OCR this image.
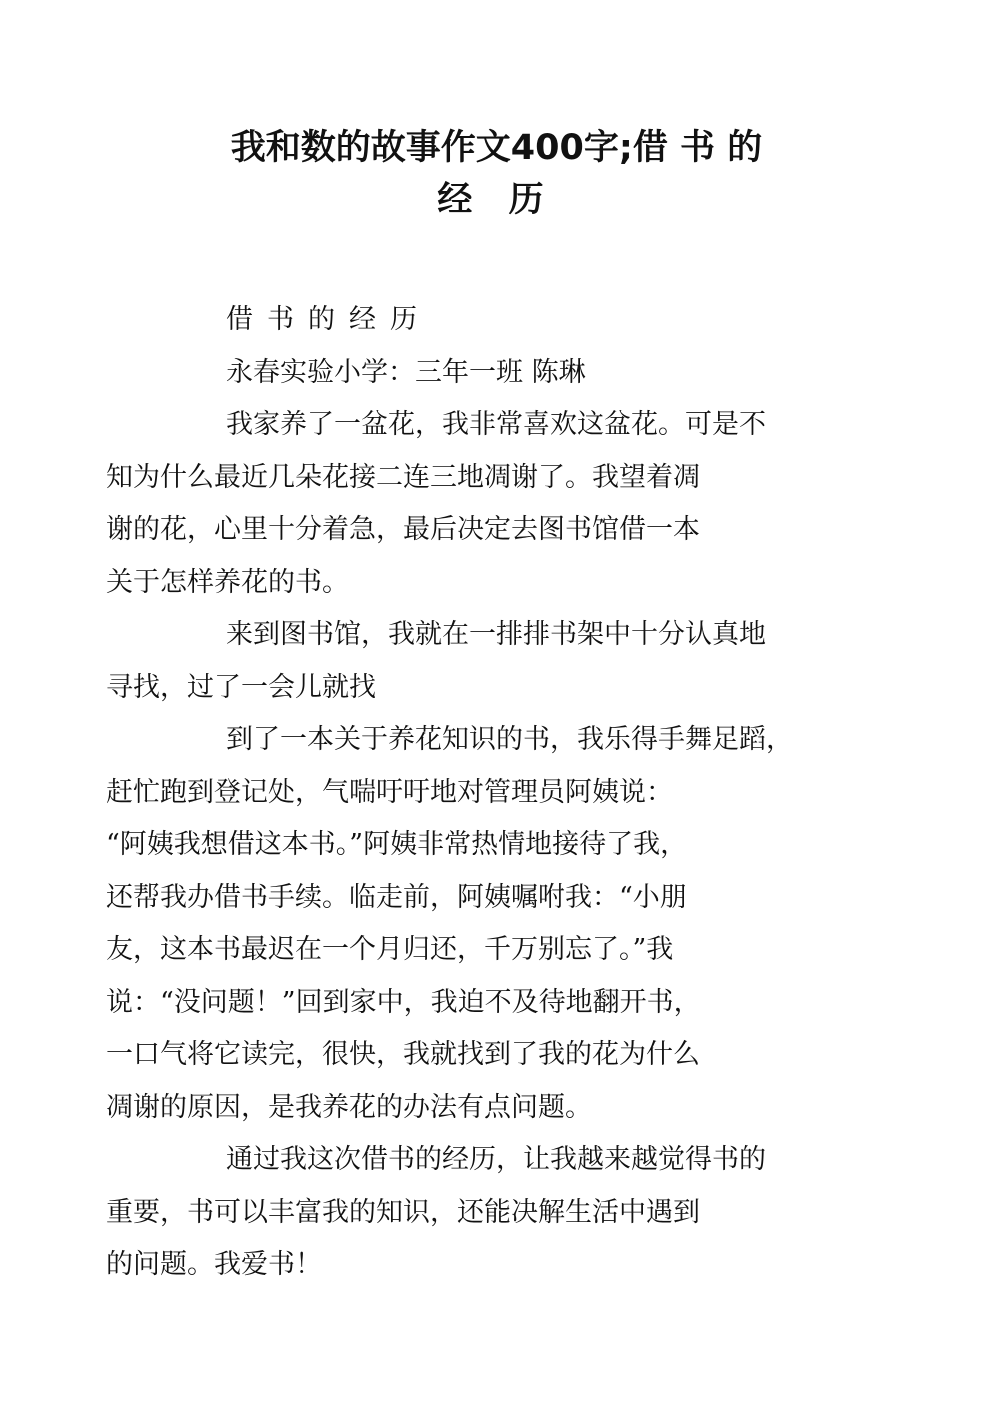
我和数的故事作文400字;借 书 的
经 历

借书的经历

永春实验小学：三年一班 陈琳

我家养了一盆花，我非常喜欢这盆花。可是不
知为什么最近几朵花接二连三地凋谢了。我望着凋
谢的花，心里十分着急，最后决定去图书馆借一本
关于怎样养花的书。

来到图书馆，我就在一排排书架中十分认真地
寻找，过了一会儿就找

到了一本关于养花知识的书，我乐得手舞足蹈，
赶忙跑到登记处，气喘吁吁地对管理员阿姨说：
“阿姨我想借这本书。”阿姨非常热情地接待了我，
还帮我办借书手续。临走前，阿姨嘱咐我：“小朋
友，这本书最迟在一个月归还，千万别忘了。”我
说：“没问题！”回到家中，我迫不及待地翻开书，
一口气将它读完，很快，我就找到了我的花为什么
凋谢的原因，是我养花的办法有点问题。

通过我这次借书的经历，让我越来越觉得书的
重要，书可以丰富我的知识，还能决解生活中遇到
的问题。我爱书！
